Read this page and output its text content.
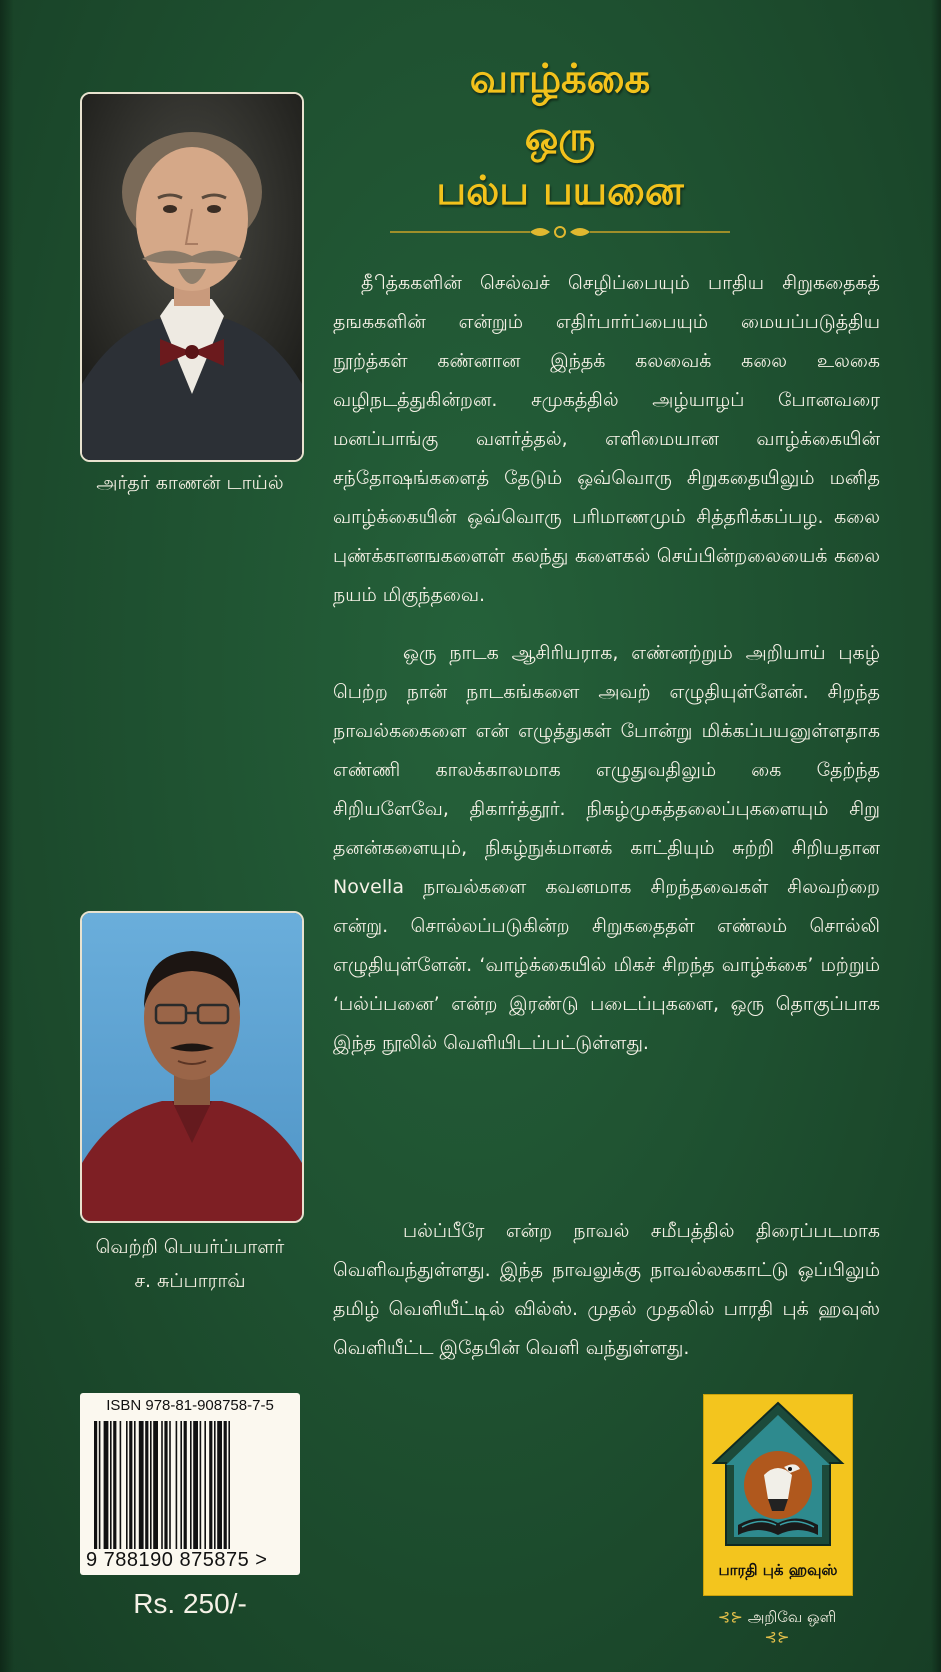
வாழ்க்கை
ஒரு
பல்ப பயனை
அர்தர் காணன் டாய்ல்
வெற்றி பெயர்ப்பாளர்
ச. சுப்பாராவ்

திீத்ககளின் செல்வச் செழிப்பையும் பாதிய சிறுகதைகத் தஙககளின் என்றும் எதிர்பார்ப்பையும் மையப்படுத்திய நூற்த்கள் கண்னான இந்தக் கலவைக் கலை உலகை வழிநடத்துகின்றன. சமுகத்தில் அழ்யாழப் போனவரை மனப்பாங்கு வளர்த்தல், எளிமையான வாழ்க்கையின் சந்தோஷங்களைத் தேடும் ஒவ்வொரு சிறுகதையிலும் மனித வாழ்க்கையின் ஒவ்வொரு பரிமாணமும் சித்தரிக்கப்பழ. கலை புண்க்கானஙகளைள் கலந்து களைகல் செய்பின்றலையைக் கலை நயம் மிகுந்தவை.

ஒரு நாடக ஆசிரியராக, எண்னற்றும் அறியாய் புகழ் பெற்ற நான் நாடகங்களை அவற் எழுதியுள்ளேன். சிறந்த நாவல்ககைளை என் எழுத்துகள் போன்று மிக்கப்பயனுள்ளதாக எண்ணி காலக்காலமாக எழுதுவதிலும் கை தேற்ந்த சிறியளேவே, திகார்த்தூர். நிகழ்முகத்தலைப்புகளையும் சிறு தனன்களையும், நிகழ்நுக்மானக் காட்தியும் சுற்றி சிறியதான Novella நாவல்களை கவனமாக சிறந்தவைகள் சிலவற்றை என்று. சொல்லப்படுகின்ற சிறுகதைதள் எண்லம் சொல்லி எழுதியுள்ளேன். ‘வாழ்க்கையில் மிகச் சிறந்த வாழ்க்கை’ மற்றும் ‘பல்ப்பனை’ என்ற இரண்டு படைப்புகளை, ஒரு தொகுப்பாக இந்த நூலில் வெளியிடப்பட்டுள்ளது.

பல்ப்பீரே என்ற நாவல் சமீபத்தில் திரைப்படமாக வெளிவந்துள்ளது. இந்த நாவலுக்கு நாவல்லககாட்டு ஒப்பிலும் தமிழ் வெளியீட்டில் வில்ஸ். முதல் முதலில் பாரதி புக் ஹவுஸ் வெளியீட்ட இதேபின் வெளி வந்துள்ளது.

ISBN 978-81-908758-7-5
9 788190 875875 >
Rs. 250/-
பாரதி புக் ஹவுஸ்
⊰⊱ அறிவே ஒளி ⊰⊱
